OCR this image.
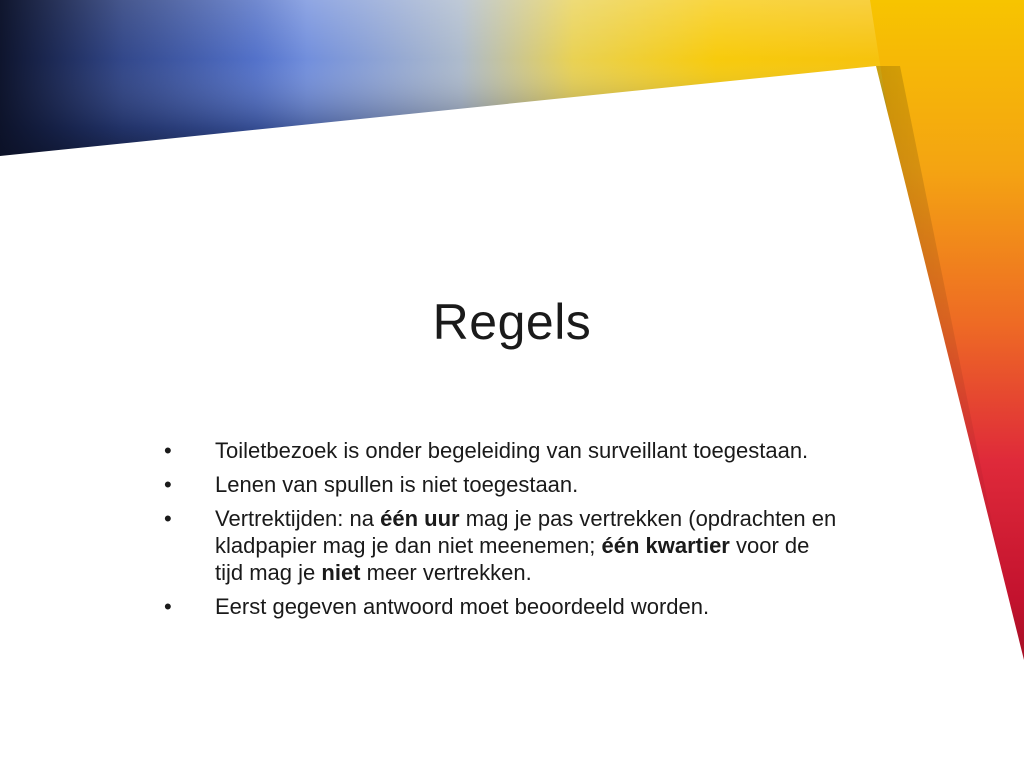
Regels
• Toiletbezoek is onder begeleiding van surveillant toegestaan.
• Lenen van spullen is niet toegestaan.
• Vertrektijden: na één uur mag je pas vertrekken (opdrachten en kladpapier mag je dan niet meenemen; één kwartier voor de tijd mag je niet meer vertrekken.
• Eerst gegeven antwoord moet beoordeeld worden.
